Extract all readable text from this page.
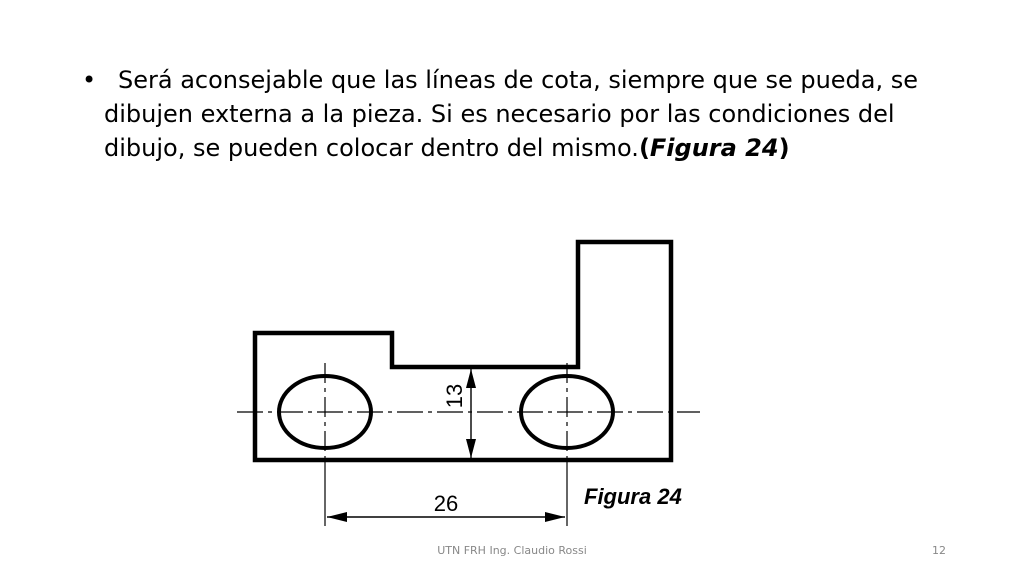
• Será aconsejable que las líneas de cota, siempre que se pueda, se dibujen externa a la pieza. Si es necesario por las condiciones del dibujo, se pueden colocar dentro del mismo.(Figura 24)
13
26	Figura 24
UTN FRH Ing. Claudio Rossi	12
